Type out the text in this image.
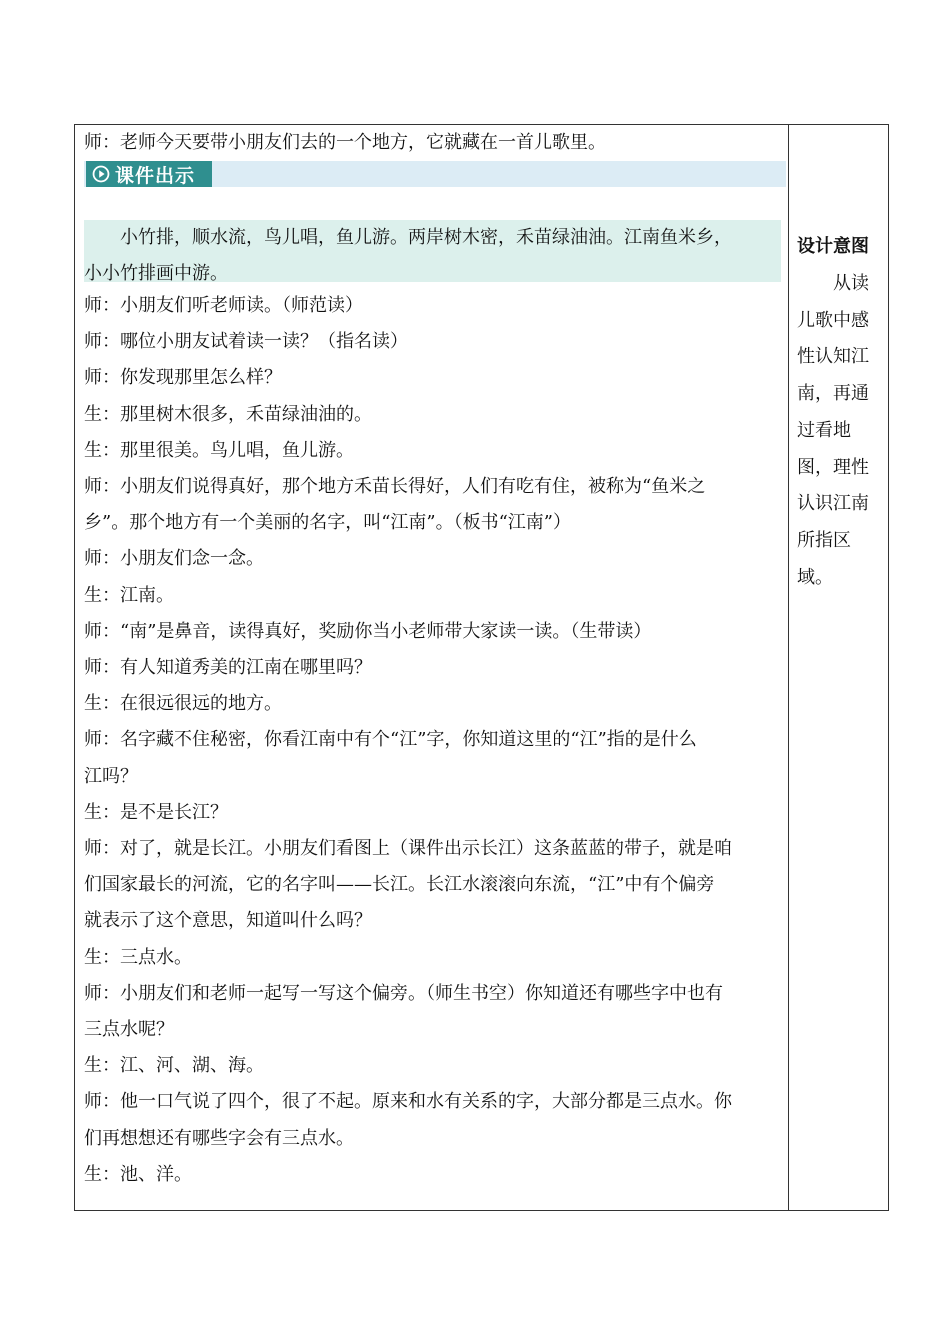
师：老师今天要带小朋友们去的一个地方，它就藏在一首儿歌里。
课件出示
　　小竹排，顺水流，鸟儿唱，鱼儿游。两岸树木密，禾苗绿油油。江南鱼米乡，
小小竹排画中游。
师：小朋友们听老师读。（师范读）
师：哪位小朋友试着读一读？（指名读）
师：你发现那里怎么样？
生：那里树木很多，禾苗绿油油的。
生：那里很美。鸟儿唱，鱼儿游。
师：小朋友们说得真好，那个地方禾苗长得好，人们有吃有住，被称为“鱼米之
乡”。那个地方有一个美丽的名字，叫“江南”。（板书“江南”）
师：小朋友们念一念。
生：江南。
师：“南”是鼻音，读得真好，奖励你当小老师带大家读一读。（生带读）
师：有人知道秀美的江南在哪里吗？
生：在很远很远的地方。
师：名字藏不住秘密，你看江南中有个“江”字，你知道这里的“江”指的是什么
江吗？
生：是不是长江？
师：对了，就是长江。小朋友们看图上（课件出示长江）这条蓝蓝的带子，就是咱
们国家最长的河流，它的名字叫——长江。长江水滚滚向东流，“江”中有个偏旁
就表示了这个意思，知道叫什么吗？
生：三点水。
师：小朋友们和老师一起写一写这个偏旁。（师生书空）你知道还有哪些字中也有
三点水呢？
生：江、河、湖、海。
师：他一口气说了四个，很了不起。原来和水有关系的字，大部分都是三点水。你
们再想想还有哪些字会有三点水。
生：池、洋。
设计意图
　　从读
儿歌中感
性认知江
南，再通
过看地
图，理性
认识江南
所指区
域。
